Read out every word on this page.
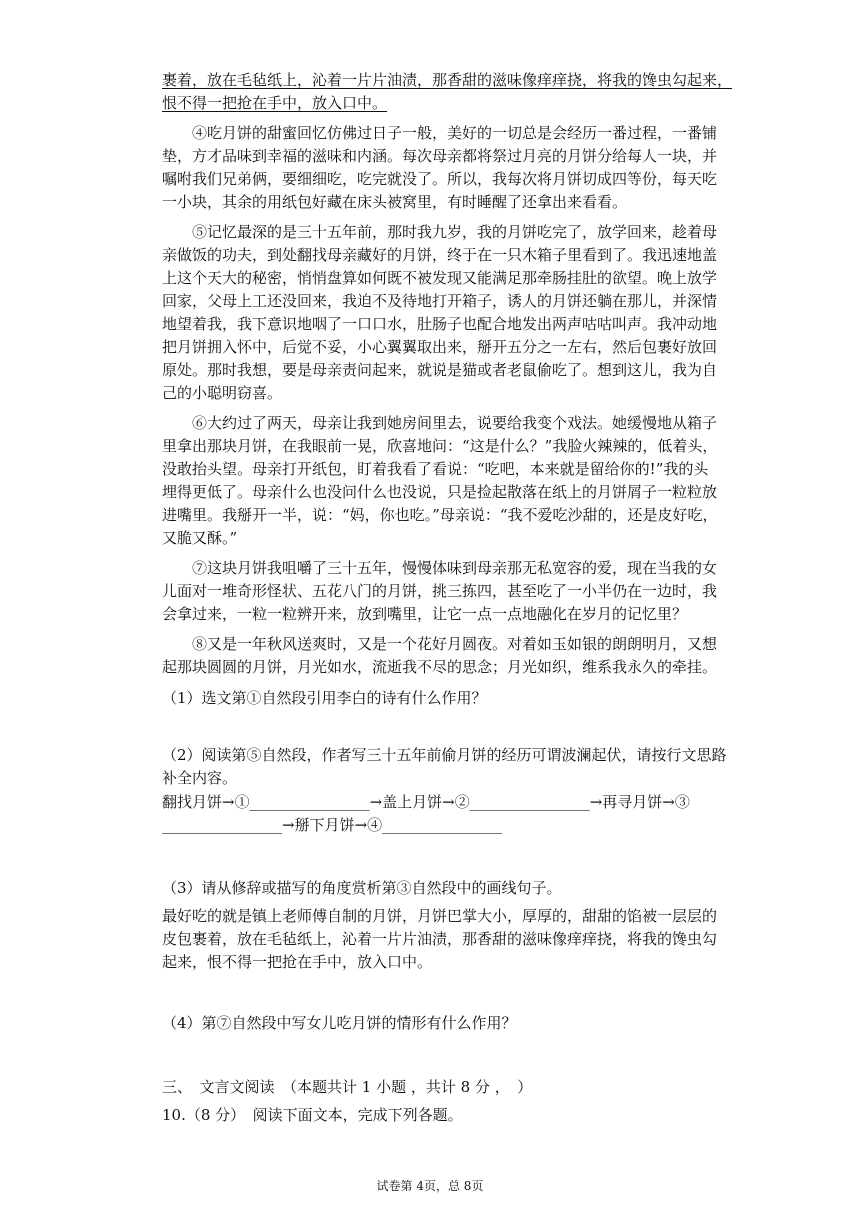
裹着，放在毛毡纸上，沁着一片片油渍，那香甜的滋味像痒痒挠，将我的馋虫勾起来，
恨不得一把抢在手中，放入口中。
　　④吃月饼的甜蜜回忆仿佛过日子一般，美好的一切总是会经历一番过程，一番铺
垫，方才品味到幸福的滋味和内涵。每次母亲都将祭过月亮的月饼分给每人一块，并
嘱咐我们兄弟俩，要细细吃，吃完就没了。所以，我每次将月饼切成四等份，每天吃
一小块，其余的用纸包好藏在床头被窝里，有时睡醒了还拿出来看看。
　　⑤记忆最深的是三十五年前，那时我九岁，我的月饼吃完了，放学回来，趁着母
亲做饭的功夫，到处翻找母亲藏好的月饼，终于在一只木箱子里看到了。我迅速地盖
上这个天大的秘密，悄悄盘算如何既不被发现又能满足那牵肠挂肚的欲望。晚上放学
回家，父母上工还没回来，我迫不及待地打开箱子，诱人的月饼还躺在那儿，并深情
地望着我，我下意识地咽了一口口水，肚肠子也配合地发出两声咕咕叫声。我冲动地
把月饼拥入怀中，后觉不妥，小心翼翼取出来，掰开五分之一左右，然后包裹好放回
原处。那时我想，要是母亲责问起来，就说是猫或者老鼠偷吃了。想到这儿，我为自
己的小聪明窃喜。
　　⑥大约过了两天，母亲让我到她房间里去，说要给我变个戏法。她缓慢地从箱子
里拿出那块月饼，在我眼前一晃，欣喜地问：“这是什么？”我脸火辣辣的，低着头，
没敢抬头望。母亲打开纸包，盯着我看了看说：“吃吧，本来就是留给你的!”我的头
埋得更低了。母亲什么也没问什么也没说，只是捡起散落在纸上的月饼屑子一粒粒放
进嘴里。我掰开一半，说：“妈，你也吃。”母亲说：“我不爱吃沙甜的，还是皮好吃，
又脆又酥。”
　　⑦这块月饼我咀嚼了三十五年，慢慢体味到母亲那无私宽容的爱，现在当我的女
儿面对一堆奇形怪状、五花八门的月饼，挑三拣四，甚至吃了一小半仍在一边时，我
会拿过来，一粒一粒辨开来，放到嘴里，让它一点一点地融化在岁月的记忆里？
　　⑧又是一年秋风送爽时，又是一个花好月圆夜。对着如玉如银的朗朗明月，又想
起那块圆圆的月饼，月光如水，流逝我不尽的思念；月光如织，维系我永久的牵挂。
（1）选文第①自然段引用李白的诗有什么作用？
（2）阅读第⑤自然段，作者写三十五年前偷月饼的经历可谓波澜起伏，请按行文思路
补全内容。
翻找月饼→①________________→盖上月饼→②________________→再寻月饼→③
________________→掰下月饼→④________________
（3）请从修辞或描写的角度赏析第③自然段中的画线句子。
最好吃的就是镇上老师傅自制的月饼，月饼巴掌大小，厚厚的，甜甜的馅被一层层的
皮包裹着，放在毛毡纸上，沁着一片片油渍，那香甜的滋味像痒痒挠，将我的馋虫勾
起来，恨不得一把抢在手中，放入口中。
（4）第⑦自然段中写女儿吃月饼的情形有什么作用？
三、　文言文阅读　（本题共计 1 小题 ，共计 8 分 ，　）
10.（8 分）　阅读下面文本，完成下列各题。
试卷第 4页，总 8页
